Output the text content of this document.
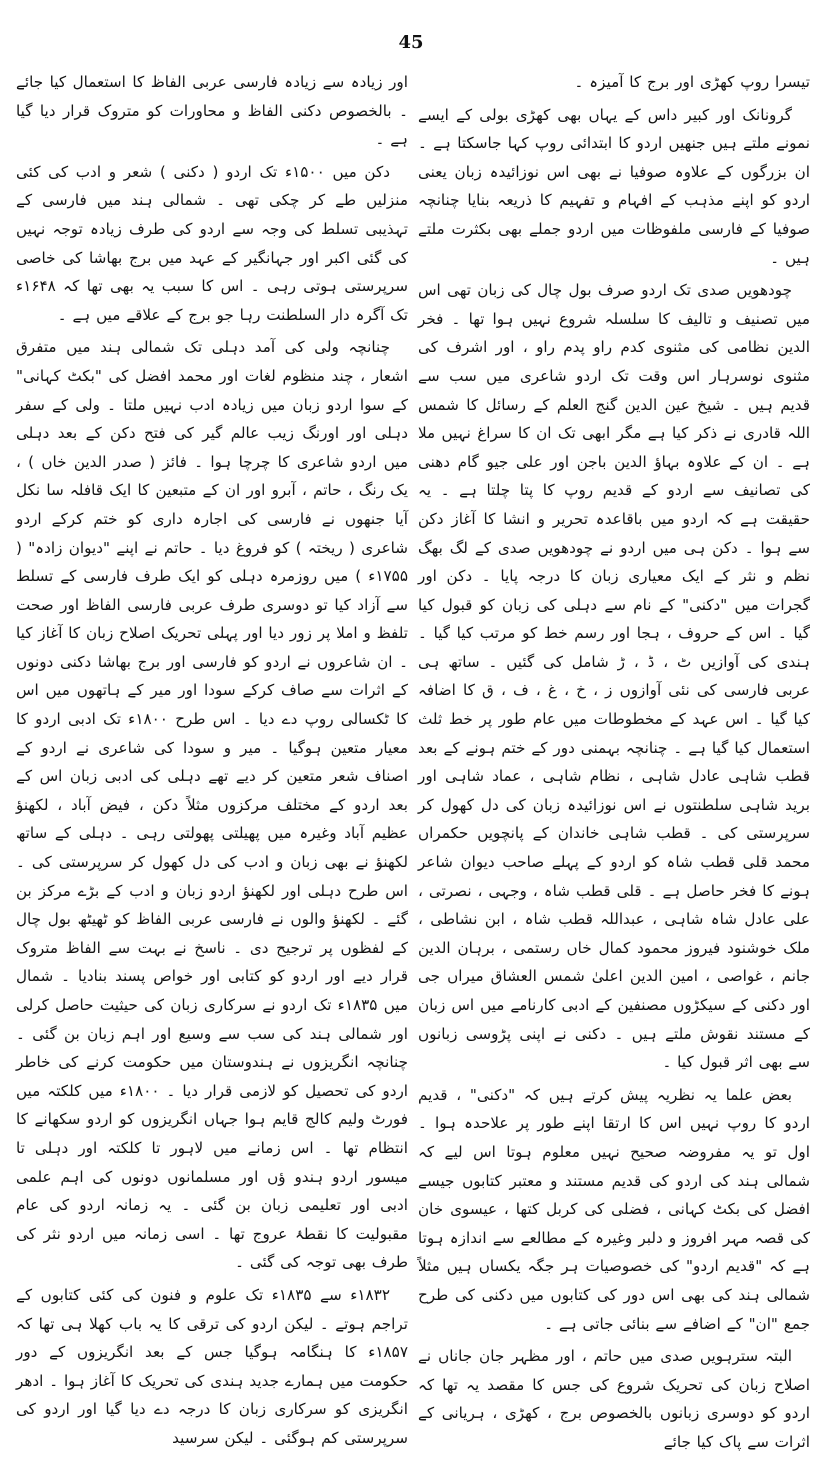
45

تیسرا روپ کھڑی اور برج کا آمیزہ ۔

گرونانک اور کبیر داس کے یہاں بھی کھڑی بولی کے ایسے نمونے ملتے ہیں جنھیں اردو کا ابتدائی روپ کہا جاسکتا ہے ۔ ان بزرگوں کے علاوہ صوفیا نے بھی اس نوزائیدہ زبان یعنی اردو کو اپنے مذہب کے افہام و تفہیم کا ذریعہ بنایا چنانچہ صوفیا کے فارسی ملفوظات میں اردو جملے بھی بکثرت ملتے ہیں ۔

چودھویں صدی تک اردو صرف بول چال کی زبان تھی اس میں تصنیف و تالیف کا سلسلہ شروع نہیں ہوا تھا ۔ فخر الدین نظامی کی مثنوی کدم راو پدم راو ، اور اشرف کی مثنوی نوسرہار اس وقت تک اردو شاعری میں سب سے قدیم ہیں ۔ شیخ عین الدین گنج العلم کے رسائل کا شمس اللہ قادری نے ذکر کیا ہے مگر ابھی تک ان کا سراغ نہیں ملا ہے ۔ ان کے علاوہ بہاؤ الدین باجن اور علی جیو گام دھنی کی تصانیف سے اردو کے قدیم روپ کا پتا چلتا ہے ۔ یہ حقیقت ہے کہ اردو میں باقاعدہ تحریر و انشا کا آغاز دکن سے ہوا ۔ دکن ہی میں اردو نے چودھویں صدی کے لگ بھگ نظم و نثر کے ایک معیاری زبان کا درجہ پایا ۔ دکن اور گجرات میں "دکنی" کے نام سے دہلی کی زبان کو قبول کیا گیا ۔ اس کے حروف ، ہجا اور رسم خط کو مرتب کیا گیا ۔ ہندی کی آوازیں ٹ ، ڈ ، ڑ شامل کی گئیں ۔ ساتھ ہی عربی فارسی کی نئی آوازوں ز ، خ ، غ ، ف ، ق کا اضافہ کیا گیا ۔ اس عہد کے مخطوطات میں عام طور پر خط ثلث استعمال کیا گیا ہے ۔ چنانچہ بہمنی دور کے ختم ہونے کے بعد قطب شاہی عادل شاہی ، نظام شاہی ، عماد شاہی اور برید شاہی سلطنتوں نے اس نوزائیدہ زبان کی دل کھول کر سرپرستی کی ۔ قطب شاہی خاندان کے پانچویں حکمراں محمد قلی قطب شاہ کو اردو کے پہلے صاحب دیوان شاعر ہونے کا فخر حاصل ہے ۔ قلی قطب شاہ ، وجہی ، نصرتی ، علی عادل شاہ شاہی ، عبداللہ قطب شاہ ، ابن نشاطی ، ملک خوشنود فیروز محمود کمال خاں رستمی ، برہان الدین جانم ، غواصی ، امین الدین اعلیٰ شمس العشاق میراں جی اور دکنی کے سیکڑوں مصنفین کے ادبی کارنامے میں اس زبان کے مستند نقوش ملتے ہیں ۔ دکنی نے اپنی پڑوسی زبانوں سے بھی اثر قبول کیا ۔

بعض علما یہ نظریہ پیش کرتے ہیں کہ "دکنی" ، قدیم اردو کا روپ نہیں اس کا ارتقا اپنے طور پر علاحدہ ہوا ۔ اول تو یہ مفروضہ صحیح نہیں معلوم ہوتا اس لیے کہ شمالی ہند کی اردو کی قدیم مستند و معتبر کتابوں جیسے افضل کی بکٹ کہانی ، فضلی کی کربل کتھا ، عیسوی خان کی قصہ مہر افروز و دلبر وغیرہ کے مطالعے سے اندازہ ہوتا ہے کہ "قدیم اردو" کی خصوصیات ہر جگہ یکساں ہیں مثلاً شمالی ہند کی بھی اس دور کی کتابوں میں دکنی کی طرح جمع "ان" کے اضافے سے بنائی جاتی ہے ۔

البتہ سترہویں صدی میں حاتم ، اور مظہر جان جاناں نے اصلاح زبان کی تحریک شروع کی جس کا مقصد یہ تھا کہ اردو کو دوسری زبانوں بالخصوص برج ، کھڑی ، ہریانی کے اثرات سے پاک کیا جائے

اور زیادہ سے زیادہ فارسی عربی الفاظ کا استعمال کیا جائے ۔ بالخصوص دکنی الفاظ و محاورات کو متروک قرار دیا گیا ہے ۔

دکن میں ۱۵۰۰ء تک اردو ( دکنی ) شعر و ادب کی کئی منزلیں طے کر چکی تھی ۔ شمالی ہند میں فارسی کے تہذیبی تسلط کی وجہ سے اردو کی طرف زیادہ توجہ نہیں کی گئی اکبر اور جہانگیر کے عہد میں برج بھاشا کی خاصی سرپرستی ہوتی رہی ۔ اس کا سبب یہ بھی تھا کہ ۱۶۴۸ء تک آگرہ دار السلطنت رہا جو برج کے علاقے میں ہے ۔

چنانچہ ولی کی آمد دہلی تک شمالی ہند میں متفرق اشعار ، چند منظوم لغات اور محمد افضل کی "بکٹ کہانی" کے سوا اردو زبان میں زیادہ ادب نہیں ملتا ۔ ولی کے سفر دہلی اور اورنگ زیب عالم گیر کی فتح دکن کے بعد دہلی میں اردو شاعری کا چرچا ہوا ۔ فائز ( صدر الدین خاں ) ، یک رنگ ، حاتم ، آبرو اور ان کے متبعین کا ایک قافلہ سا نکل آیا جنھوں نے فارسی کی اجارہ داری کو ختم کرکے اردو شاعری ( ریختہ ) کو فروغ دیا ۔ حاتم نے اپنے "دیوان زادہ" ( ۱۷۵۵ء ) میں روزمرہ دہلی کو ایک طرف فارسی کے تسلط سے آزاد کیا تو دوسری طرف عربی فارسی الفاظ اور صحت تلفظ و املا پر زور دیا اور پہلی تحریک اصلاح زبان کا آغاز کیا ۔ ان شاعروں نے اردو کو فارسی اور برج بھاشا دکنی دونوں کے اثرات سے صاف کرکے سودا اور میر کے ہاتھوں میں اس کا ٹکسالی روپ دے دیا ۔ اس طرح ۱۸۰۰ء تک ادبی اردو کا معیار متعین ہوگیا ۔ میر و سودا کی شاعری نے اردو کے اصناف شعر متعین کر دیے تھے دہلی کی ادبی زبان اس کے بعد اردو کے مختلف مرکزوں مثلاً دکن ، فیض آباد ، لکھنؤ عظیم آباد وغیرہ میں پھیلتی پھولتی رہی ۔ دہلی کے ساتھ لکھنؤ نے بھی زبان و ادب کی دل کھول کر سرپرستی کی ۔ اس طرح دہلی اور لکھنؤ اردو زبان و ادب کے بڑے مرکز بن گئے ۔ لکھنؤ والوں نے فارسی عربی الفاظ کو ٹھیٹھ بول چال کے لفظوں پر ترجیح دی ۔ ناسخ نے بہت سے الفاظ متروک قرار دیے اور اردو کو کتابی اور خواص پسند بنادیا ۔ شمال میں ۱۸۳۵ء تک اردو نے سرکاری زبان کی حیثیت حاصل کرلی اور شمالی ہند کی سب سے وسیع اور اہم زبان بن گئی ۔ چنانچہ انگریزوں نے ہندوستان میں حکومت کرنے کی خاطر اردو کی تحصیل کو لازمی قرار دیا ۔ ۱۸۰۰ء میں کلکتہ میں فورٹ ولیم کالج قایم ہوا جہاں انگریزوں کو اردو سکھانے کا انتظام تھا ۔ اس زمانے میں لاہور تا کلکتہ اور دہلی تا میسور اردو ہندو ؤں اور مسلمانوں دونوں کی اہم علمی ادبی اور تعلیمی زبان بن گئی ۔ یہ زمانہ اردو کی عام مقبولیت کا نقطۂ عروج تھا ۔ اسی زمانہ میں اردو نثر کی طرف بھی توجہ کی گئی ۔

۱۸۳۲ء سے ۱۸۳۵ء تک علوم و فنون کی کئی کتابوں کے تراجم ہوتے ۔ لیکن اردو کی ترقی کا یہ باب کھلا ہی تھا کہ ۱۸۵۷ء کا ہنگامہ ہوگیا جس کے بعد انگریزوں کے دور حکومت میں ہمارے جدید ہندی کی تحریک کا آغاز ہوا ۔ ادھر انگریزی کو سرکاری زبان کا درجہ دے دیا گیا اور اردو کی سرپرستی کم ہوگئی ۔ لیکن سرسید
